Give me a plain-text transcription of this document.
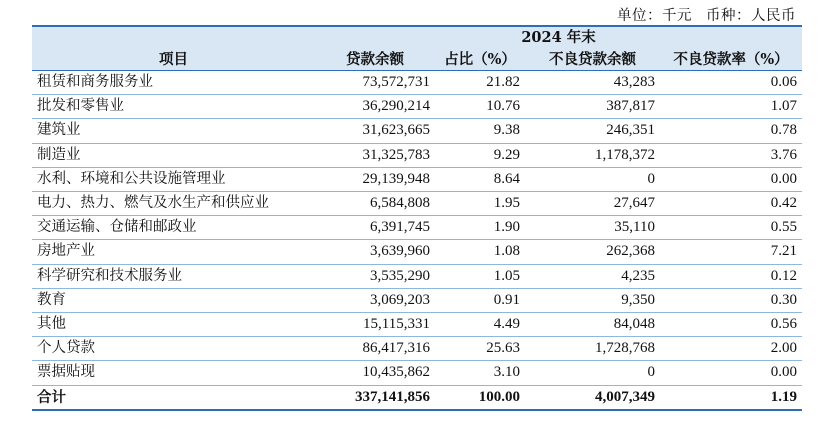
单位：千元 币种：人民币
	2024 年末			
项目	贷款余额	占比（%）	不良贷款余额	不良贷款率（%）
租赁和商务服务业	73,572,731	21.82	43,283	0.06
批发和零售业	36,290,214	10.76	387,817	1.07
建筑业	31,623,665	9.38	246,351	0.78
制造业	31,325,783	9.29	1,178,372	3.76
水利、环境和公共设施管理业	29,139,948	8.64	0	0.00
电力、热力、燃气及水生产和供应业	6,584,808	1.95	27,647	0.42
交通运输、仓储和邮政业	6,391,745	1.90	35,110	0.55
房地产业	3,639,960	1.08	262,368	7.21
科学研究和技术服务业	3,535,290	1.05	4,235	0.12
教育	3,069,203	0.91	9,350	0.30
其他	15,115,331	4.49	84,048	0.56
个人贷款	86,417,316	25.63	1,728,768	2.00
票据贴现	10,435,862	3.10	0	0.00
合计	337,141,856	100.00	4,007,349	1.19
